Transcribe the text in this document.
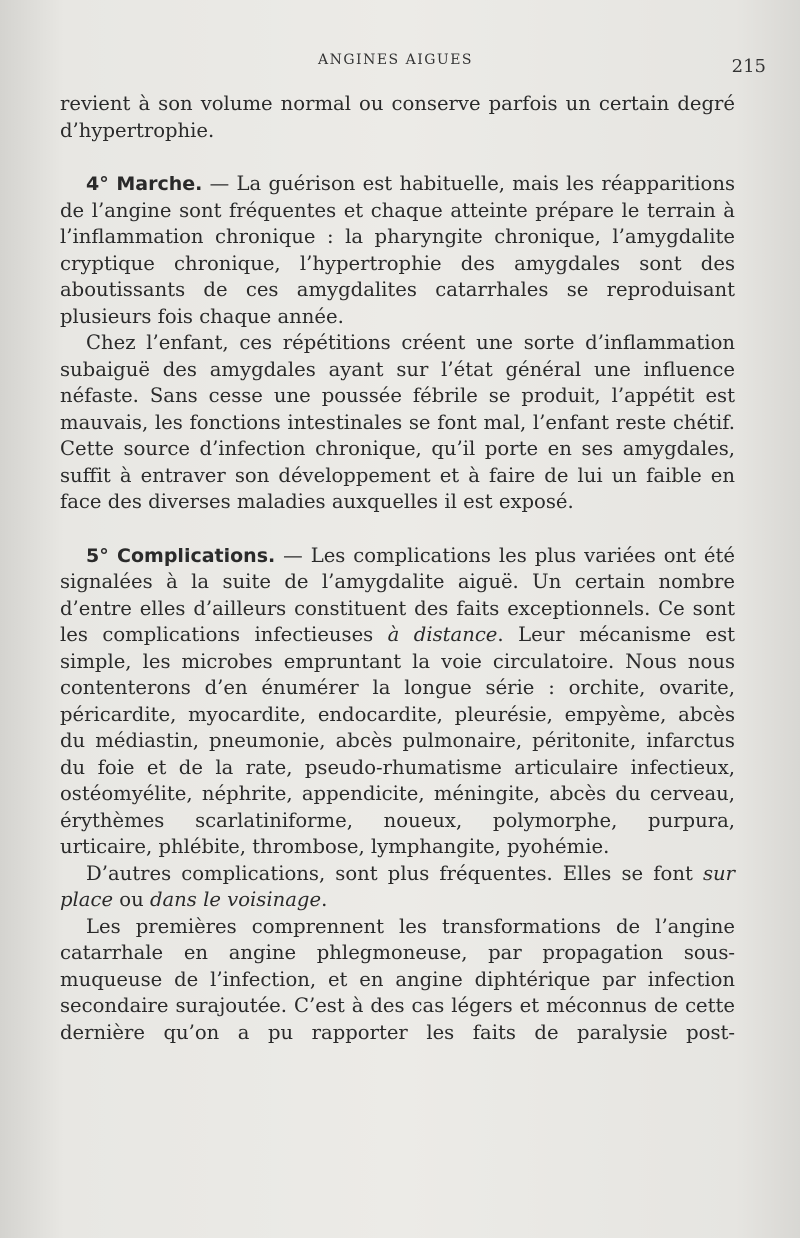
ANGINES AIGUES	215

revient à son volume normal ou conserve parfois un certain degré d’hypertrophie.

4° Marche. — La guérison est habituelle, mais les réapparitions de l’angine sont fréquentes et chaque atteinte prépare le terrain à l’inflammation chronique : la pharyngite chronique, l’amygdalite cryptique chronique, l’hypertrophie des amygdales sont des aboutissants de ces amygdalites catarrhales se reproduisant plusieurs fois chaque année.

Chez l’enfant, ces répétitions créent une sorte d’inflammation subaiguë des amygdales ayant sur l’état général une influence néfaste. Sans cesse une poussée fébrile se produit, l’appétit est mauvais, les fonctions intestinales se font mal, l’enfant reste chétif. Cette source d’infection chronique, qu’il porte en ses amygdales, suffit à entraver son développement et à faire de lui un faible en face des diverses maladies auxquelles il est exposé.

5° Complications. — Les complications les plus variées ont été signalées à la suite de l’amygdalite aiguë. Un certain nombre d’entre elles d’ailleurs constituent des faits exceptionnels. Ce sont les complications infectieuses à distance. Leur mécanisme est simple, les microbes empruntant la voie circulatoire. Nous nous contenterons d’en énumérer la longue série : orchite, ovarite, péricardite, myocardite, endocardite, pleurésie, empyème, abcès du médiastin, pneumonie, abcès pulmonaire, péritonite, infarctus du foie et de la rate, pseudo-rhumatisme articulaire infectieux, ostéomyélite, néphrite, appendicite, méningite, abcès du cerveau, érythèmes scarlatiniforme, noueux, polymorphe, purpura, urticaire, phlébite, thrombose, lymphangite, pyohémie.

D’autres complications, sont plus fréquentes. Elles se font sur place ou dans le voisinage.

Les premières comprennent les transformations de l’angine catarrhale en angine phlegmoneuse, par propagation sous-muqueuse de l’infection, et en angine diphtérique par infection secondaire surajoutée. C’est à des cas légers et méconnus de cette dernière qu’on a pu rapporter les faits de paralysie post-
